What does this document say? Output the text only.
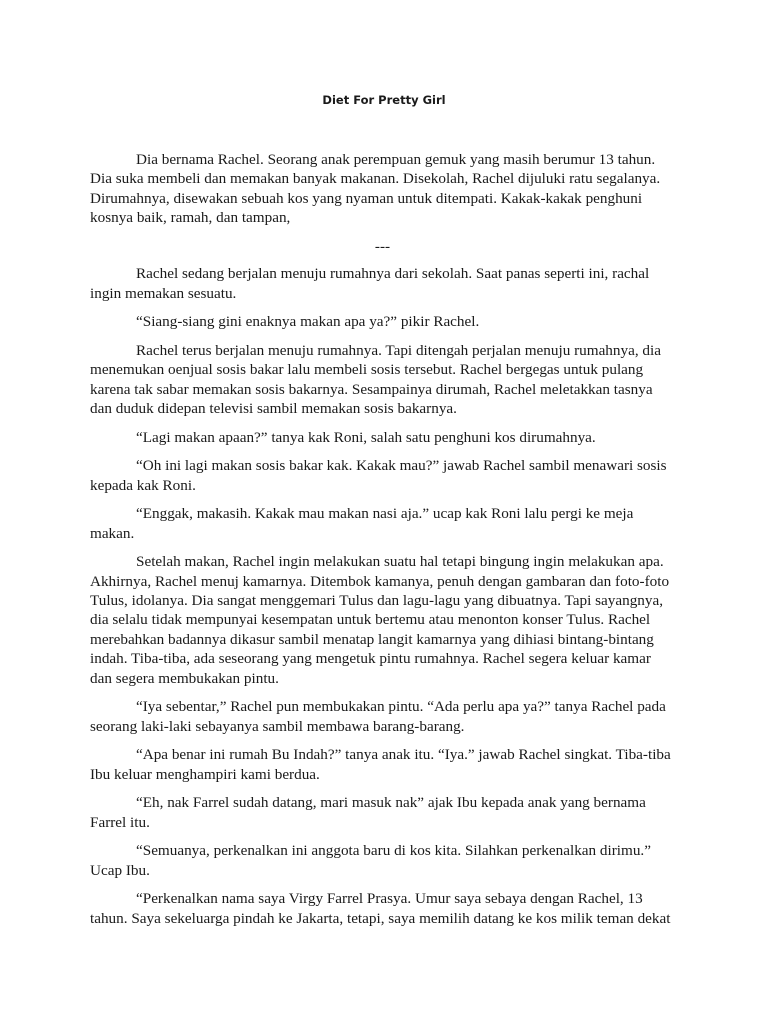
Diet For Pretty Girl

Dia bernama Rachel. Seorang anak perempuan gemuk yang masih berumur 13 tahun. Dia suka membeli dan memakan banyak makanan. Disekolah, Rachel dijuluki ratu segalanya. Dirumahnya, disewakan sebuah kos yang nyaman untuk ditempati. Kakak-kakak penghuni kosnya baik, ramah, dan tampan,

---

Rachel sedang berjalan menuju rumahnya dari sekolah. Saat panas seperti ini, rachal ingin memakan sesuatu.

“Siang-siang gini enaknya makan apa ya?” pikir Rachel.

Rachel terus berjalan menuju rumahnya. Tapi ditengah perjalan menuju rumahnya, dia menemukan oenjual sosis bakar lalu membeli sosis tersebut. Rachel bergegas untuk pulang karena tak sabar memakan sosis bakarnya. Sesampainya dirumah, Rachel meletakkan tasnya dan duduk didepan televisi sambil memakan sosis bakarnya.

“Lagi makan apaan?” tanya kak Roni, salah satu penghuni kos dirumahnya.

“Oh ini lagi makan sosis bakar kak. Kakak mau?” jawab Rachel sambil menawari sosis kepada kak Roni.

“Enggak, makasih. Kakak mau makan nasi aja.” ucap kak Roni lalu pergi ke meja makan.

Setelah makan, Rachel ingin melakukan suatu hal tetapi bingung ingin melakukan apa. Akhirnya, Rachel menuj kamarnya. Ditembok kamanya, penuh dengan gambaran dan foto-foto Tulus, idolanya. Dia sangat menggemari Tulus dan lagu-lagu yang dibuatnya. Tapi sayangnya, dia selalu tidak mempunyai kesempatan untuk bertemu atau menonton konser Tulus. Rachel merebahkan badannya dikasur sambil menatap langit kamarnya yang dihiasi bintang-bintang indah. Tiba-tiba, ada seseorang yang mengetuk pintu rumahnya. Rachel segera keluar kamar dan segera membukakan pintu.

“Iya sebentar,” Rachel pun membukakan pintu. “Ada perlu apa ya?” tanya Rachel pada seorang laki-laki sebayanya sambil membawa barang-barang.

“Apa benar ini rumah Bu Indah?” tanya anak itu. “Iya.” jawab Rachel singkat. Tiba-tiba Ibu keluar menghampiri kami berdua.

“Eh, nak Farrel sudah datang, mari masuk nak” ajak Ibu kepada anak yang bernama Farrel itu.

“Semuanya, perkenalkan ini anggota baru di kos kita. Silahkan perkenalkan dirimu.” Ucap Ibu.

“Perkenalkan nama saya Virgy Farrel Prasya. Umur saya sebaya dengan Rachel, 13 tahun. Saya sekeluarga pindah ke Jakarta, tetapi, saya memilih datang ke kos milik teman dekat
